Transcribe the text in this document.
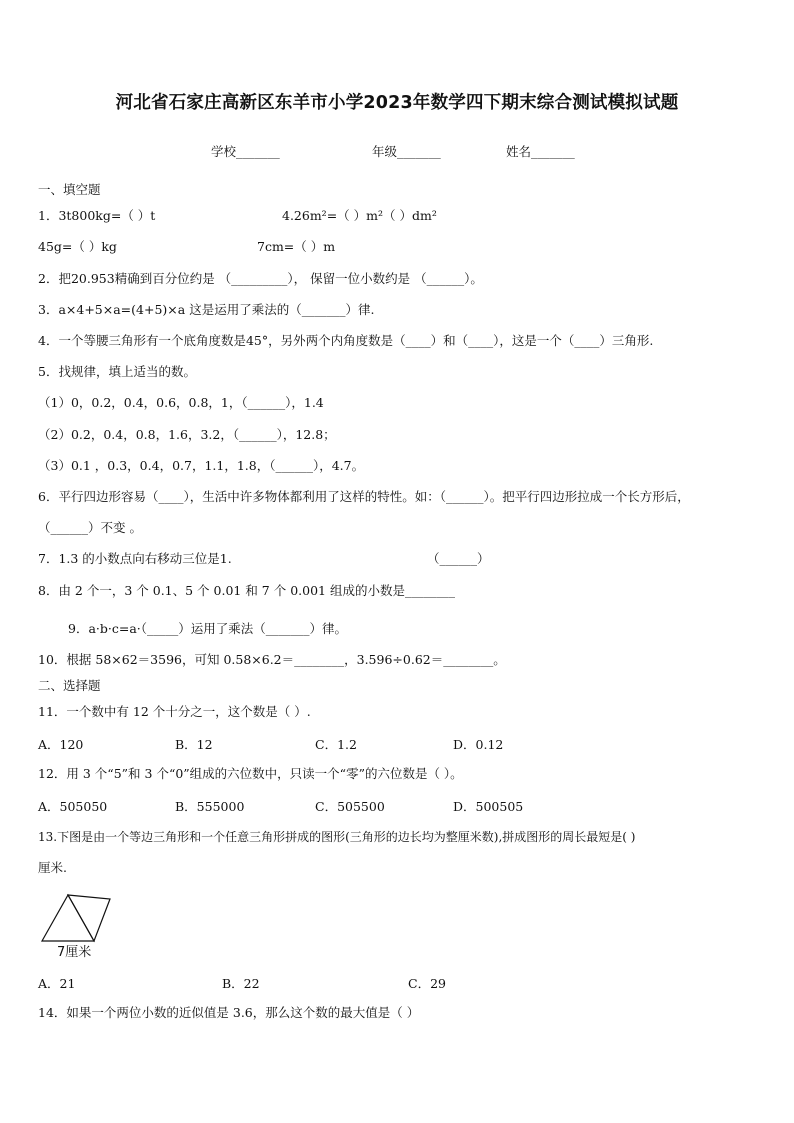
河北省石家庄高新区东羊市小学2023年数学四下期末综合测试模拟试题
学校_______	年级_______	姓名_______
一、填空题
1．3t800kg=（ ）t	4.26m²=（ ）m²（ ）dm²
45g=（ ）kg	7cm=（ ）m
2．把20.953精确到百分位约是 （_________）， 保留一位小数约是 （______）。
3．a×4+5×a=(4+5)×a 这是运用了乘法的（_______）律.
4．一个等腰三角形有一个底角度数是45°，另外两个内角度数是（____）和（____），这是一个（____）三角形.
5．找规律，填上适当的数。
（1）0，0.2，0.4，0.6，0.8，1，（______），1.4
（2）0.2，0.4，0.8，1.6，3.2，（______），12.8；
（3）0.1 ，0.3，0.4，0.7，1.1，1.8，（______），4.7。
6．平行四边形容易（____），生活中许多物体都利用了这样的特性。如：（______）。把平行四边形拉成一个长方形后，
（______）不变 。
7．1.3 的小数点向右移动三位是1.	（______）
8．由 2 个一，3 个 0.1、5 个 0.01 和 7 个 0.001 组成的小数是________
9．a·b·c=a·（_____）运用了乘法（_______）律。
10．根据 58×62＝3596，可知 0.58×6.2＝________，3.596÷0.62＝________。
二、选择题
11．一个数中有 12 个十分之一，这个数是（ ）.
A．120	B．12	C．1.2	D．0.12
12．用 3 个“5”和 3 个“0”组成的六位数中，只读一个“零”的六位数是（ ）。
A．505050	B．555000	C．505500	D．500505
13.下图是由一个等边三角形和一个任意三角形拼成的图形(三角形的边长均为整厘米数),拼成图形的周长最短是( )
厘米.
7厘米
A．21	B．22	C．29
14．如果一个两位小数的近似值是 3.6，那么这个数的最大值是（ ）
